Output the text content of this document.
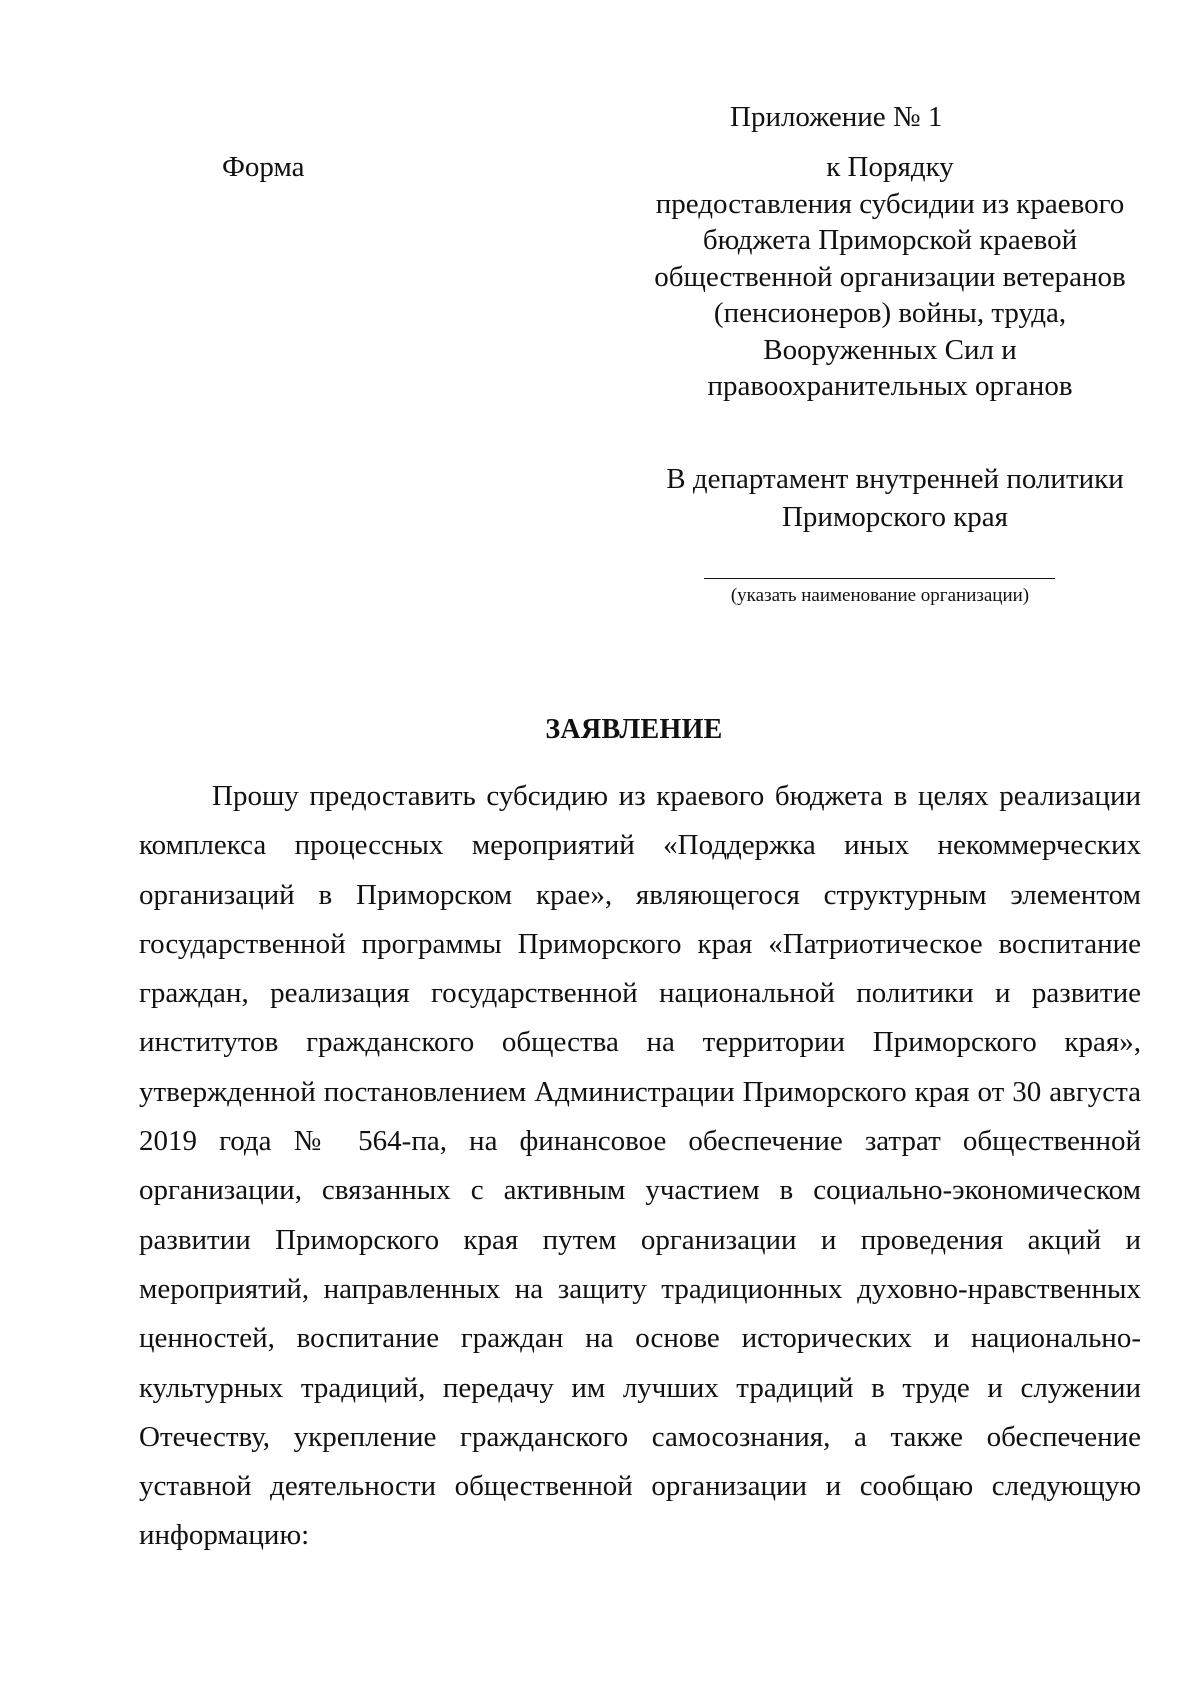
Приложение № 1
Форма	к Порядку
предоставления субсидии из краевого
бюджета Приморской краевой
общественной организации ветеранов
(пенсионеров) войны, труда,
Вооруженных Сил и
правоохранительных органов
В департамент внутренней политики
Приморского края
(указать наименование организации)
ЗАЯВЛЕНИЕ
Прошу предоставить субсидию из краевого бюджета в целях реализации
комплекса процессных мероприятий «Поддержка иных некоммерческих
организаций в Приморском крае», являющегося структурным элементом
государственной программы Приморского края «Патриотическое воспитание
граждан, реализация государственной национальной политики и развитие
институтов гражданского общества на территории Приморского края»,
утвержденной постановлением Администрации Приморского края от 30 августа
2019 года № 564-па, на финансовое обеспечение затрат общественной
организации, связанных с активным участием в социально-экономическом
развитии Приморского края путем организации и проведения акций и
мероприятий, направленных на защиту традиционных духовно-нравственных
ценностей, воспитание граждан на основе исторических и национально-
культурных традиций, передачу им лучших традиций в труде и служении
Отечеству, укрепление гражданского самосознания, а также обеспечение
уставной деятельности общественной организации и сообщаю следующую
информацию:
